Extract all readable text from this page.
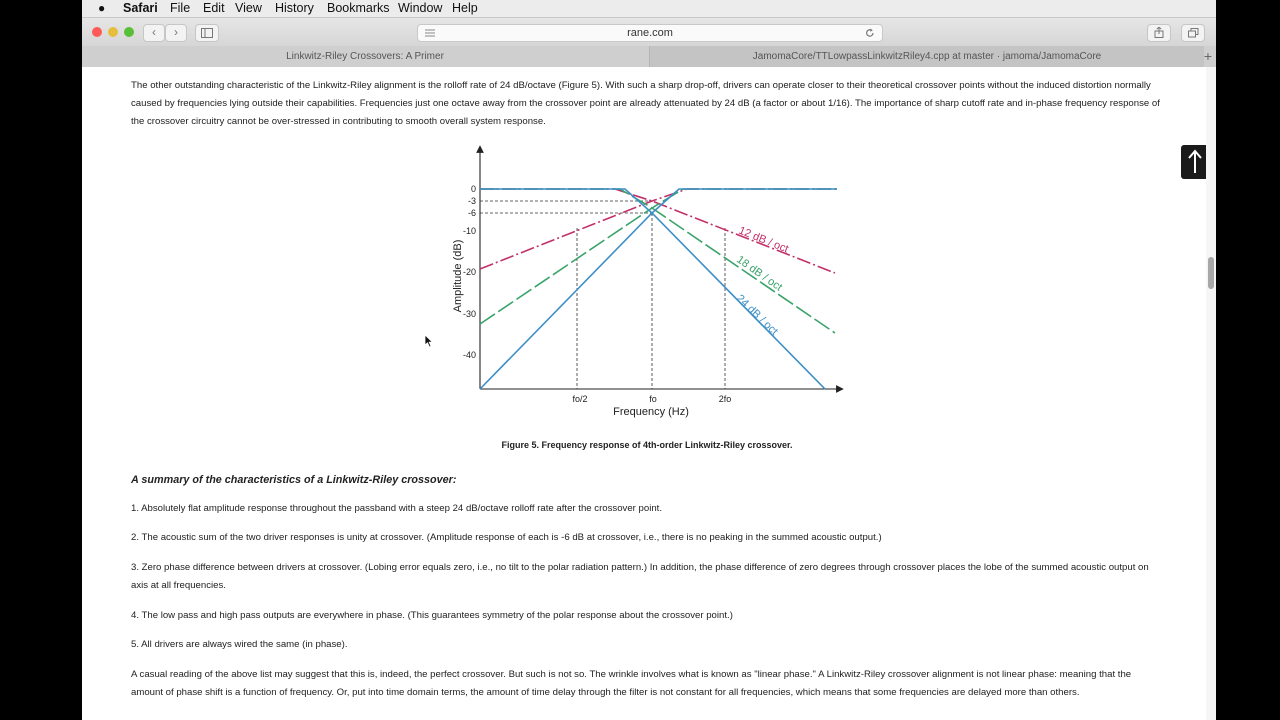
● Safari File Edit View History Bookmarks Window Help
‹	›	rane.com
Linkwitz-Riley Crossovers: A Primer	JamomaCore/TTLowpassLinkwitzRiley4.cpp at master · jamoma/JamomaCore	+

The other outstanding characteristic of the Linkwitz-Riley alignment is the rolloff rate of 24 dB/octave (Figure 5). With such a sharp drop-off, drivers can operate closer to their theoretical crossover points without the induced distortion normally caused by frequencies lying outside their capabilities. Frequencies just one octave away from the crossover point are already attenuated by 24 dB (a factor or about 1/16). The importance of sharp cutoff rate and in-phase frequency response of the crossover circuitry cannot be over-stressed in contributing to smooth overall system response.

0
-3
-6
-10
-20
-30
-40
fo/2	fo	2fo
Frequency (Hz)
Amplitude (dB)	12 dB / oct
18 dB / oct
24 dB / oct
Figure 5. Frequency response of 4th-order Linkwitz-Riley crossover.
A summary of the characteristics of a Linkwitz-Riley crossover:

1. Absolutely flat amplitude response throughout the passband with a steep 24 dB/octave rolloff rate after the crossover point.

2. The acoustic sum of the two driver responses is unity at crossover. (Amplitude response of each is -6 dB at crossover, i.e., there is no peaking in the summed acoustic output.)

3. Zero phase difference between drivers at crossover. (Lobing error equals zero, i.e., no tilt to the polar radiation pattern.) In addition, the phase difference of zero degrees through crossover places the lobe of the summed acoustic output on axis at all frequencies.

4. The low pass and high pass outputs are everywhere in phase. (This guarantees symmetry of the polar response about the crossover point.)

5. All drivers are always wired the same (in phase).

A casual reading of the above list may suggest that this is, indeed, the perfect crossover. But such is not so. The wrinkle involves what is known as "linear phase." A Linkwitz-Riley crossover alignment is not linear phase: meaning that the amount of phase shift is a function of frequency. Or, put into time domain terms, the amount of time delay through the filter is not constant for all frequencies, which means that some frequencies are delayed more than others.
